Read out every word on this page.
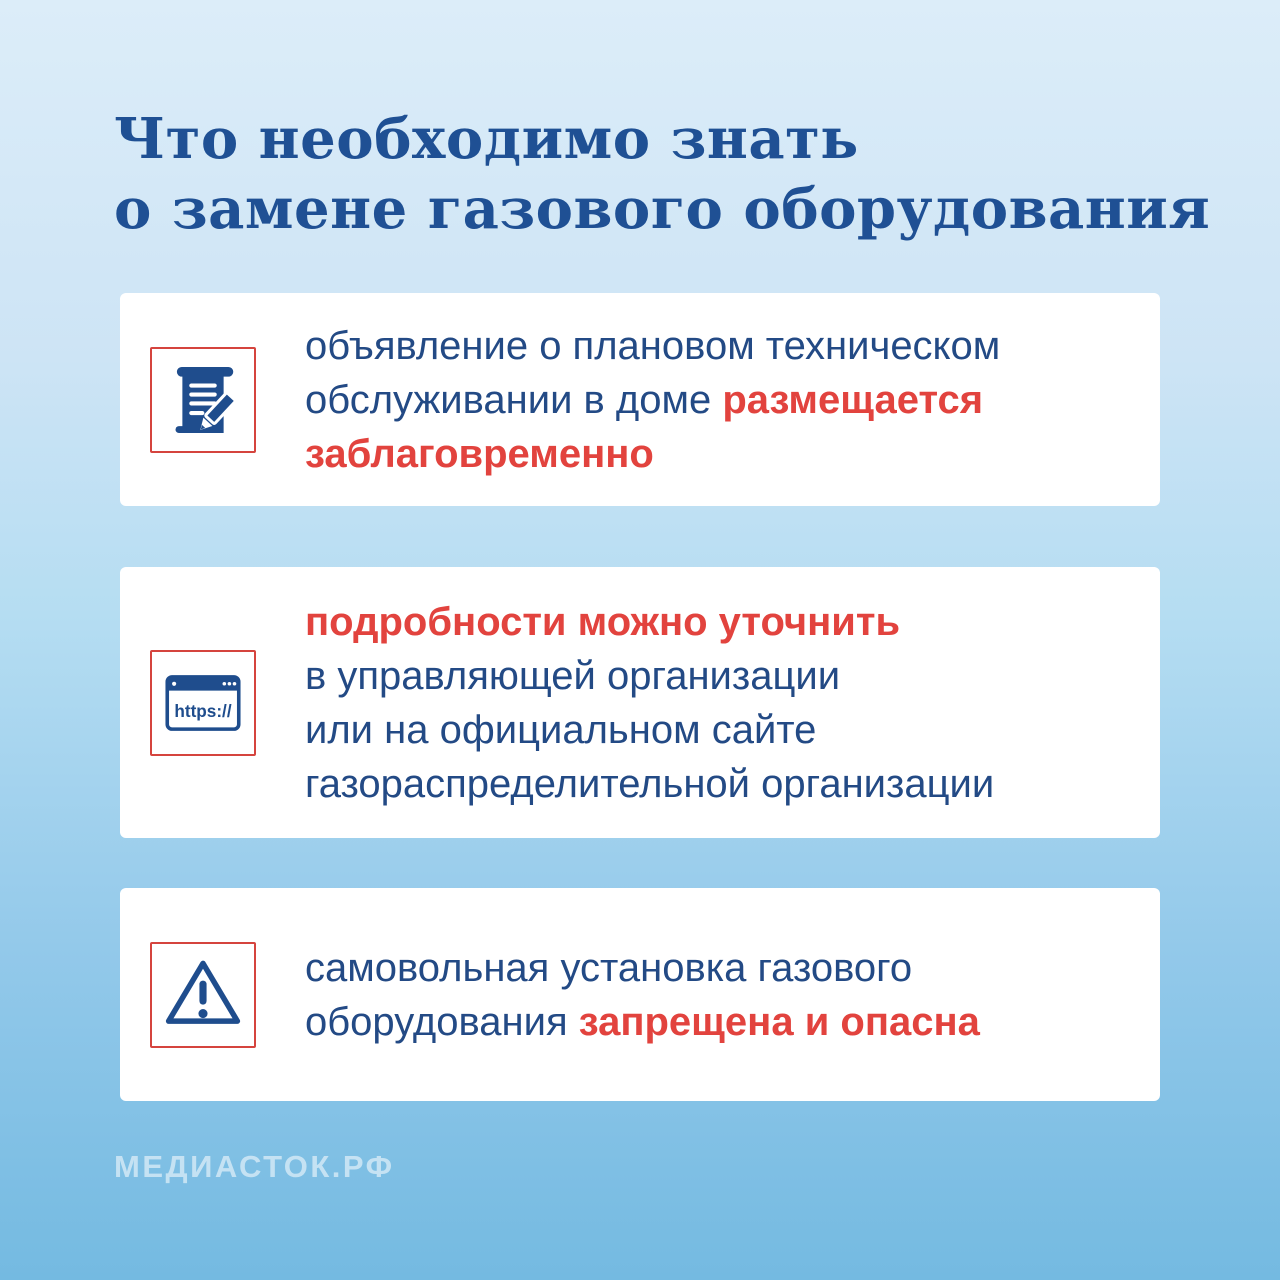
Что необходимо знать
о замене газового оборудования
объявление о плановом техническом
обслуживании в доме размещается
заблаговременно
https://
подробности можно уточнить
в управляющей организации
или на официальном сайте
газораспределительной организации
самовольная установка газового
оборудования запрещена и опасна
МЕДИАСТОК.РФ
